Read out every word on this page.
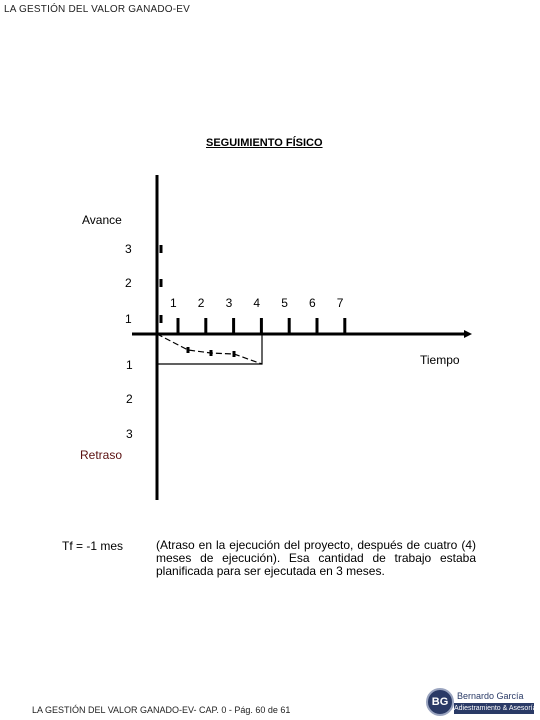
LA GESTIÓN DEL VALOR GANADO-EV
SEGUIMIENTO FÍSICO
Avance
Tiempo
Retraso
1 2 3 4 5 6 7
3
2
1
1
2
3
Tf = -1 mes	(Atraso en la ejecución del proyecto, después de cuatro (4) meses de ejecución). Esa cantidad de trabajo estaba planificada para ser ejecutada en 3 meses.
LA GESTIÓN DEL VALOR GANADO-EV- CAP. 0 - Pág. 60 de 61
BG Bernardo García
Adiestramiento & Asesoría
